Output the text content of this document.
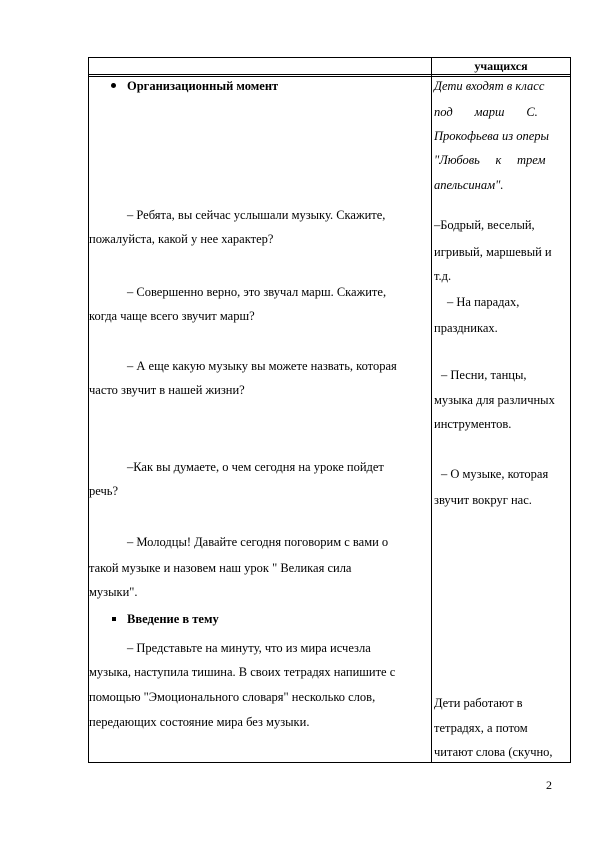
учащихся
Организационный момент
– Ребята, вы сейчас услышали музыку. Скажите,
пожалуйста, какой у нее характер?
– Совершенно верно, это звучал марш. Скажите,
когда чаще всего звучит марш?
– А еще какую музыку вы можете назвать, которая
часто звучит в нашей жизни?
–Как вы думаете, о чем сегодня на уроке пойдет
речь?
– Молодцы! Давайте сегодня поговорим с вами о
такой музыке и назовем наш урок " Великая сила
музыки".
Введение в тему
– Представьте на минуту, что из мира исчезла
музыка, наступила тишина. В своих тетрадях напишите с
помощью "Эмоционального словаря" несколько слов,
передающих состояние мира без музыки.
Дети входят в класс
под       марш       С.
Прокофьева из оперы
"Любовь     к     трем
апельсинам".
–Бодрый, веселый,
игривый, маршевый и
т.д.
– На парадах,
праздниках.
– Песни, танцы,
музыка для различных
инструментов.
– О музыке, которая
звучит вокруг нас.
Дети работают в
тетрадях, а потом
читают слова (скучно,
2
